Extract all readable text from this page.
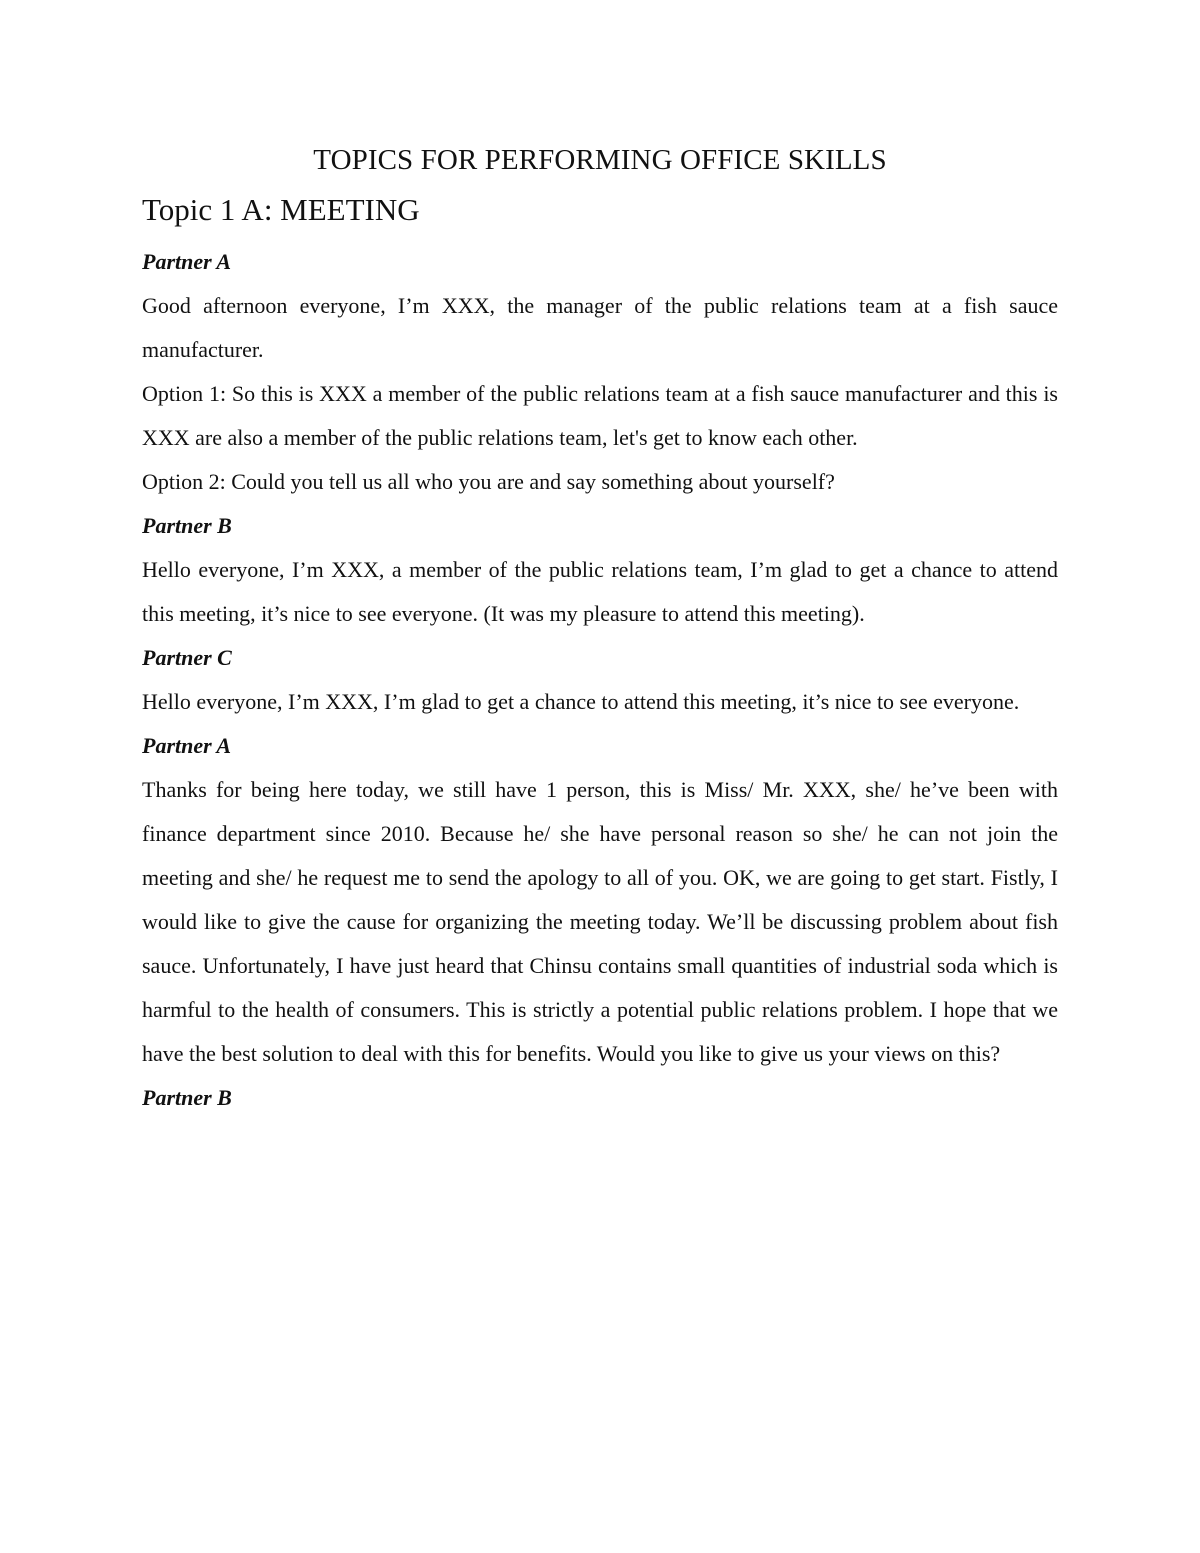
TOPICS FOR PERFORMING OFFICE SKILLS
Topic 1 A: MEETING

Partner A

Good afternoon everyone, I’m XXX, the manager of the public relations team at a fish sauce manufacturer.

Option 1: So this is XXX a member of the public relations team at a fish sauce manufacturer and this is XXX are also a member of the public relations team, let's get to know each other.

Option 2: Could you tell us all who you are and say something about yourself?

Partner B

Hello everyone, I’m XXX, a member of the public relations team, I’m glad to get a chance to attend this meeting, it’s nice to see everyone. (It was my pleasure to attend this meeting).

Partner C

Hello everyone, I’m XXX, I’m glad to get a chance to attend this meeting, it’s nice to see everyone.

Partner A

Thanks for being here today, we still have 1 person, this is Miss/ Mr. XXX, she/ he’ve been with finance department since 2010. Because he/ she have personal reason so she/ he can not join the meeting and she/ he request me to send the apology to all of you. OK, we are going to get start. Fistly, I would like to give the cause for organizing the meeting today. We’ll be discussing problem about fish sauce. Unfortunately, I have just heard that Chinsu contains small quantities of industrial soda which is harmful to the health of consumers. This is strictly a potential public relations problem. I hope that we have the best solution to deal with this for benefits. Would you like to give us your views on this?

Partner B
